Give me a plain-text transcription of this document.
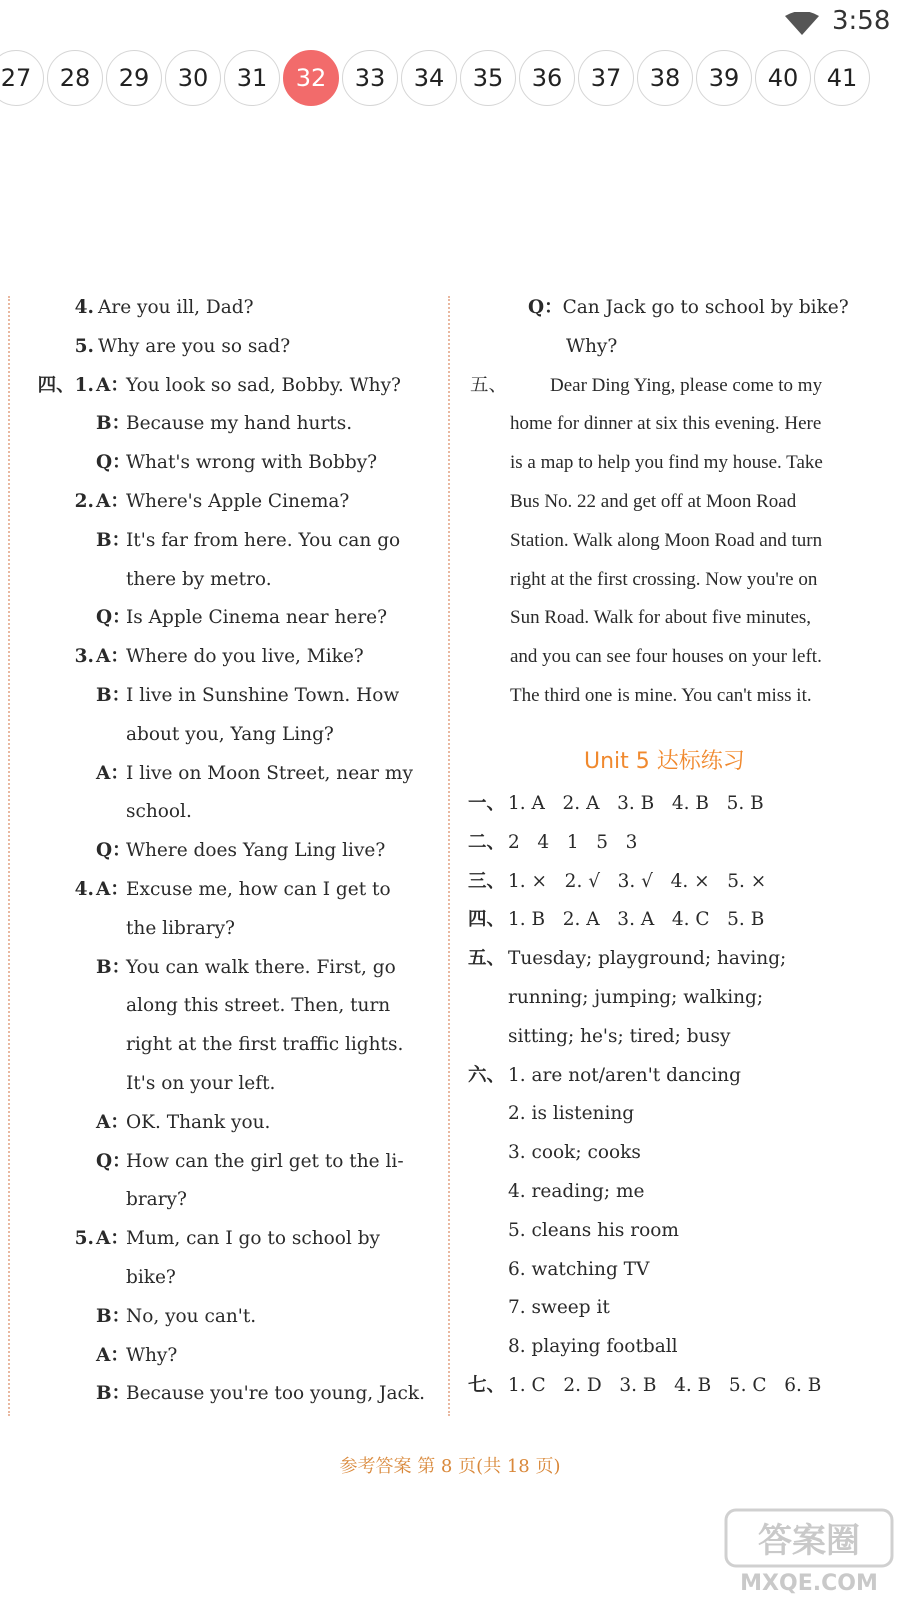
3:58
27	28	29	30	31	32	33	34	35	36	37	38	39	40	41
Unit 5 达标练习
4. Are you ill, Dad?
5. Why are you so sad?
四、1. A：
You look so sad, Bobby. Why?
B：
Because my hand hurts.
Q：
What's wrong with Bobby?
2. A：
Where's Apple Cinema?
B：
It's far from here. You can go
there by metro.
Q：
Is Apple Cinema near here?
3. A：
Where do you live, Mike?
B：
I live in Sunshine Town. How
about you, Yang Ling?
A：
I live on Moon Street, near my
school.
Q：
Where does Yang Ling live?
4. A：
Excuse me, how can I get to
the library?
B：
You can walk there. First, go
along this street. Then, turn
right at the first traffic lights.
It's on your left.
A：
OK. Thank you.
Q：
How can the girl get to the li-
brary?
5. A：
Mum, can I go to school by
bike?
B：
No, you can't.
A：
Why?
B：
Because you're too young, Jack.
Q：Can Jack go to school by bike?
Why?
五、 Dear Ding Ying, please come to my
home for dinner at six this evening. Here
is a map to help you find my house. Take
Bus No. 22 and get off at Moon Road
Station. Walk along Moon Road and turn
right at the first crossing. Now you're on
Sun Road. Walk for about five minutes,
and you can see four houses on your left.
The third one is mine. You can't miss it.
一、 1. A   2. A   3. B   4. B   5. B
二、 2   4   1   5   3
三、 1. ×   2. √   3. √   4. ×   5. ×
四、 1. B   2. A   3. A   4. C   5. B
五、 Tuesday; playground; having;
running; jumping; walking;
sitting; he's; tired; busy
六、 1. are not/aren't dancing
2. is listening
3. cook; cooks
4. reading; me
5. cleans his room
6. watching TV
7. sweep it
8. playing football
七、 1. C   2. D   3. B   4. B   5. C   6. B
参考答案 第 8 页(共 18 页)
答案圈
MXQE.COM
